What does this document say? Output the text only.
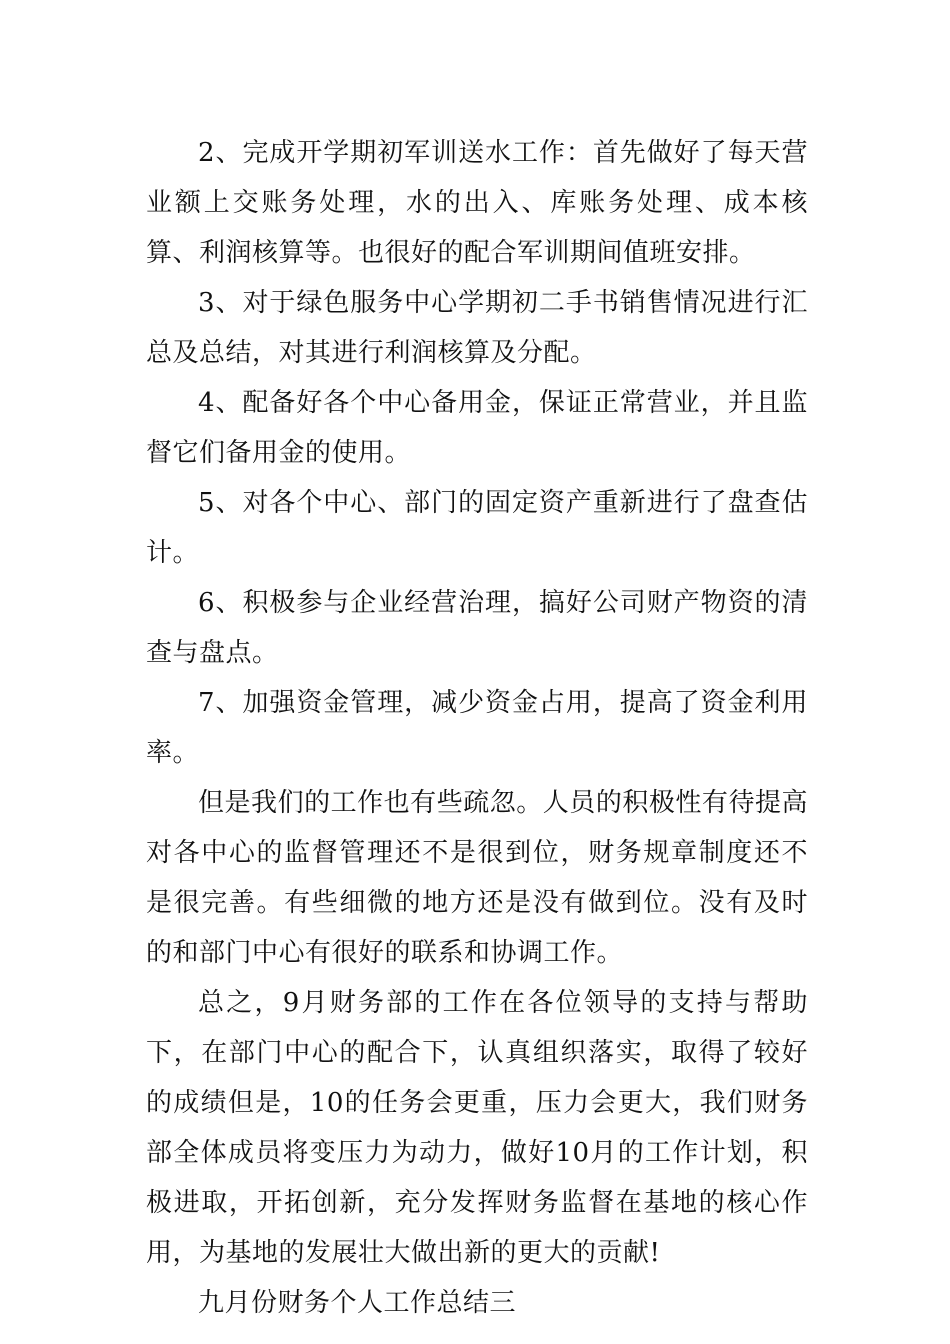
2、完成开学期初军训送水工作：首先做好了每天营业额上交账务处理，水的出入、库账务处理、成本核算、利润核算等。也很好的配合军训期间值班安排。

3、对于绿色服务中心学期初二手书销售情况进行汇总及总结，对其进行利润核算及分配。

4、配备好各个中心备用金，保证正常营业，并且监督它们备用金的使用。

5、对各个中心、部门的固定资产重新进行了盘查估计。

6、积极参与企业经营治理，搞好公司财产物资的清查与盘点。

7、加强资金管理，减少资金占用，提高了资金利用率。

但是我们的工作也有些疏忽。人员的积极性有待提高对各中心的监督管理还不是很到位，财务规章制度还不是很完善。有些细微的地方还是没有做到位。没有及时的和部门中心有很好的联系和协调工作。

总之，9月财务部的工作在各位领导的支持与帮助下，在部门中心的配合下，认真组织落实，取得了较好的成绩但是，10的任务会更重，压力会更大，我们财务部全体成员将变压力为动力，做好10月的工作计划，积极进取，开拓创新，充分发挥财务监督在基地的核心作用，为基地的发展壮大做出新的更大的贡献!

九月份财务个人工作总结三
